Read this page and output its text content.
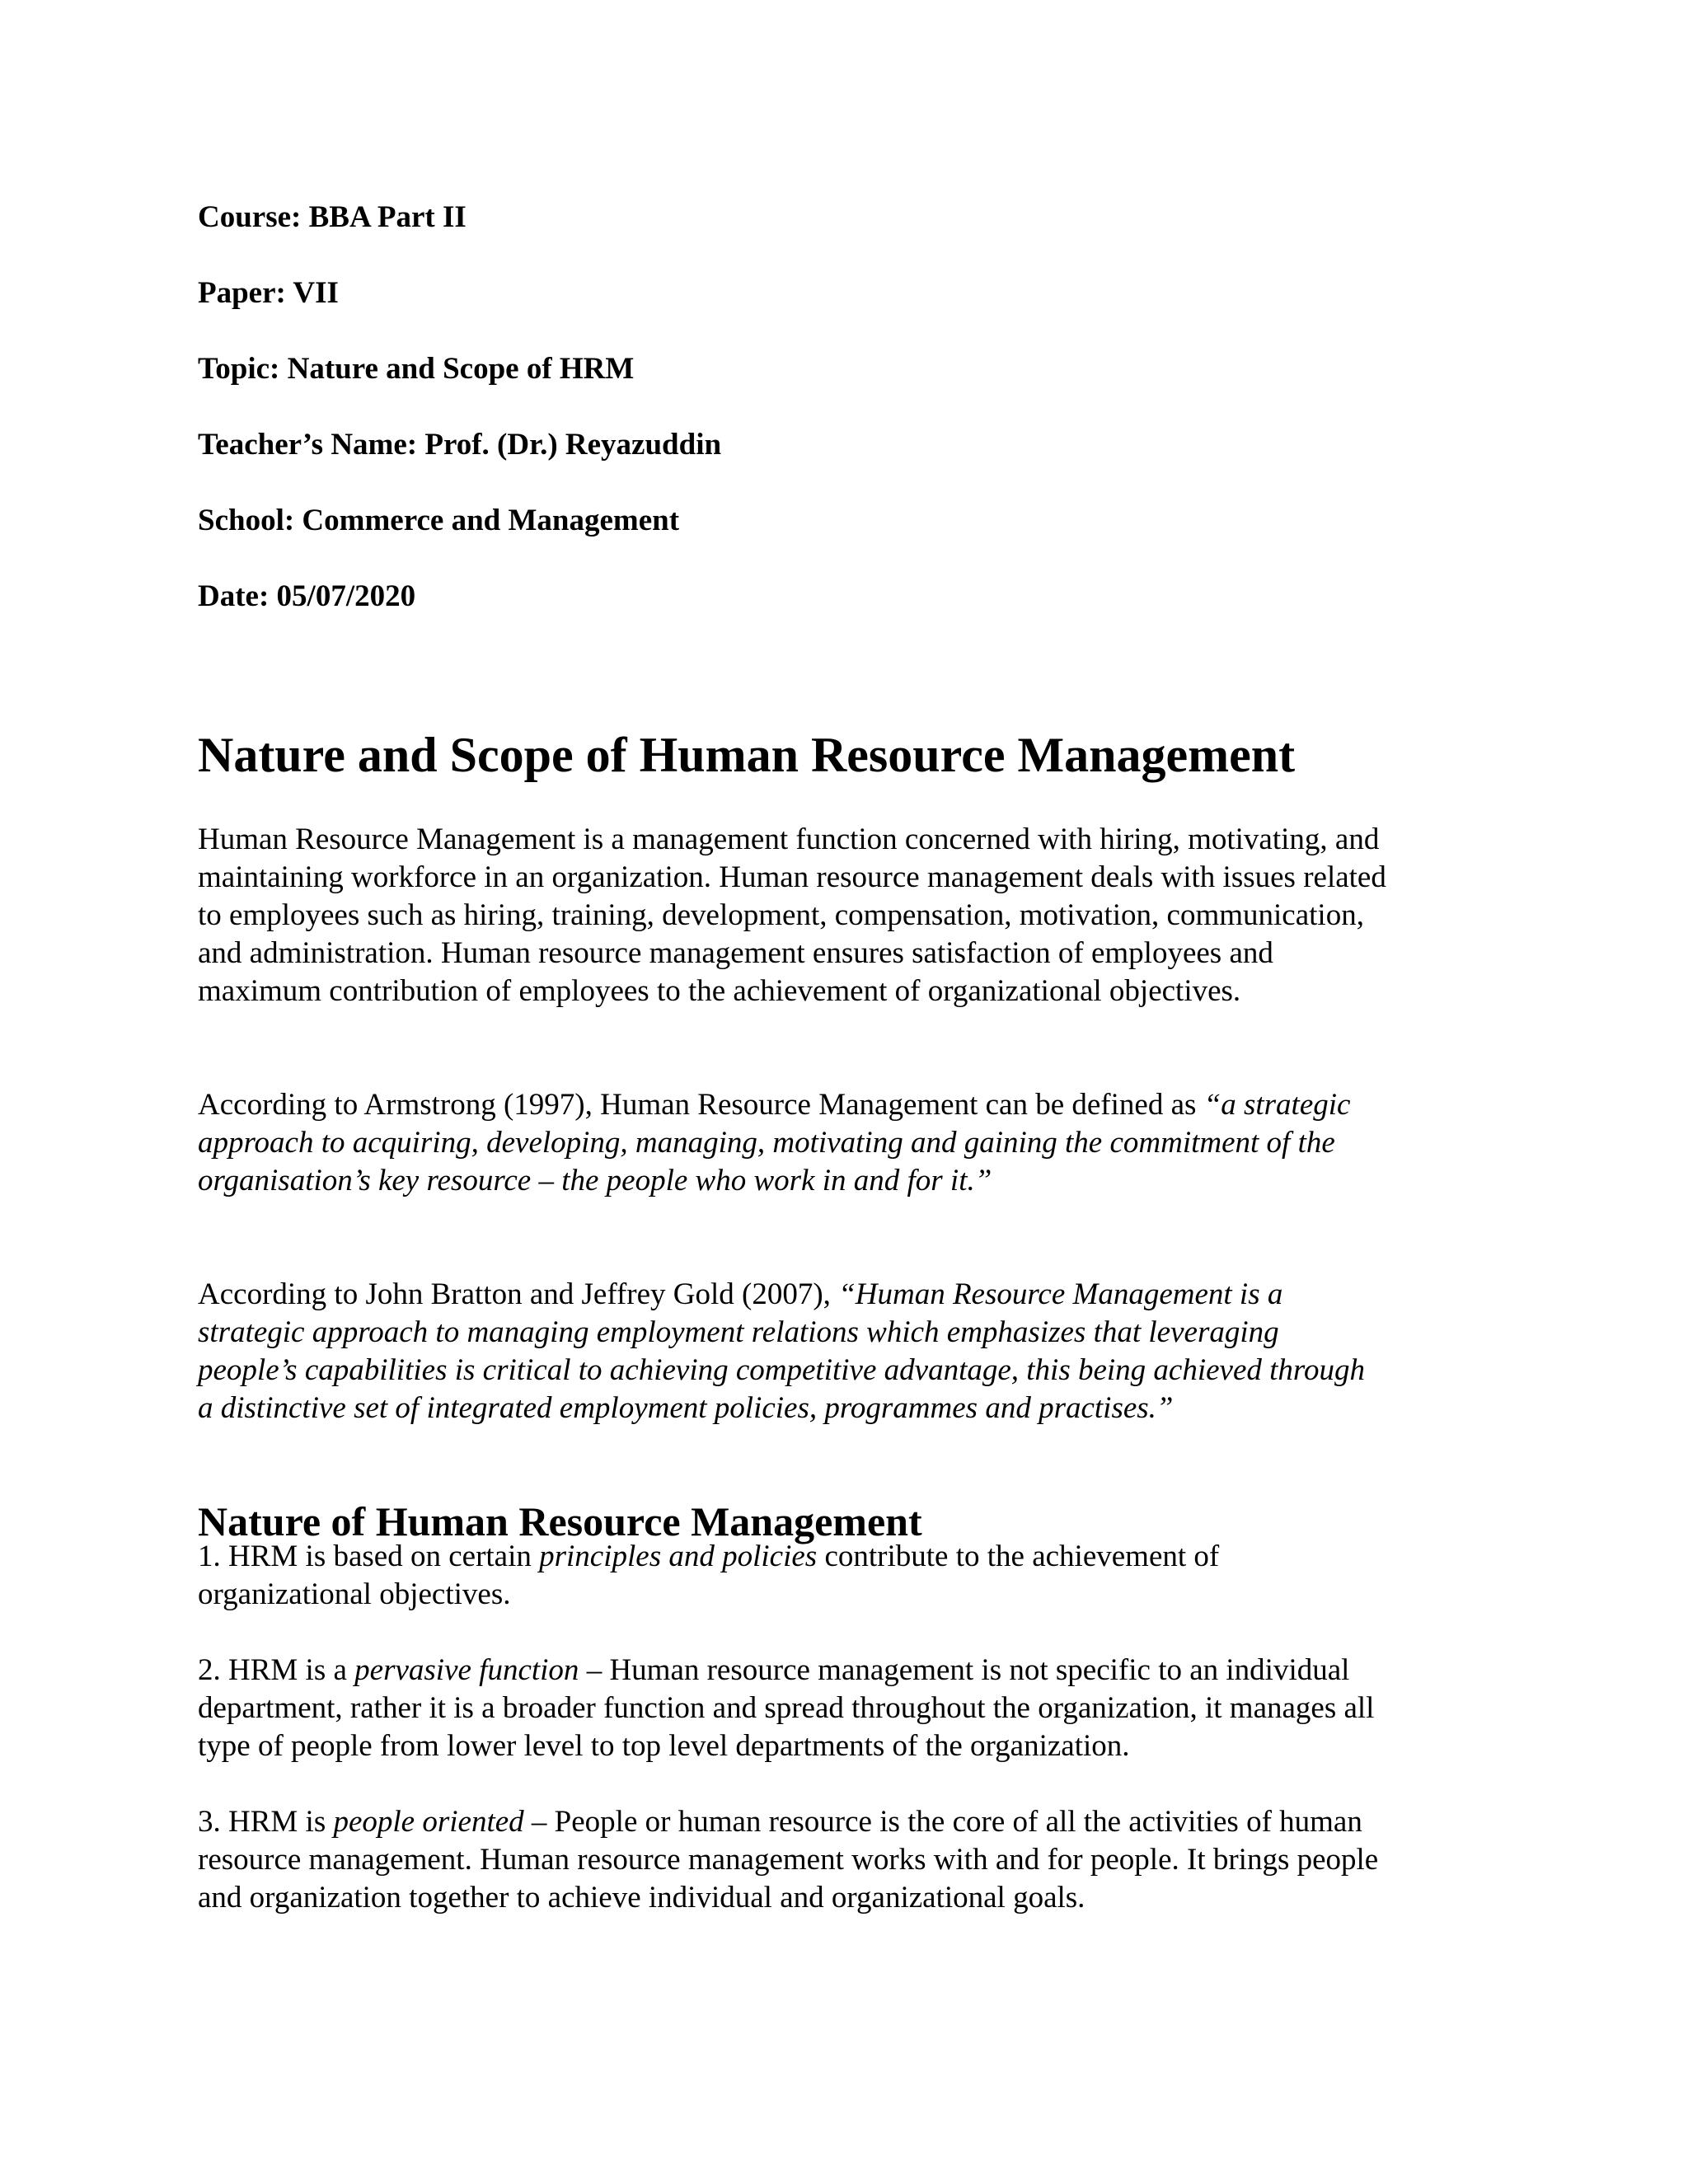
Course: BBA Part II
Paper: VII
Topic: Nature and Scope of HRM
Teacher’s Name: Prof. (Dr.) Reyazuddin
School: Commerce and Management
Date: 05/07/2020
Nature and Scope of Human Resource Management
Human Resource Management is a management function concerned with hiring, motivating, and
maintaining workforce in an organization. Human resource management deals with issues related
to employees such as hiring, training, development, compensation, motivation, communication,
and administration. Human resource management ensures satisfaction of employees and
maximum contribution of employees to the achievement of organizational objectives.
According to Armstrong (1997), Human Resource Management can be defined as “a strategic
approach to acquiring, developing, managing, motivating and gaining the commitment of the
organisation’s key resource – the people who work in and for it.”
According to John Bratton and Jeffrey Gold (2007), “Human Resource Management is a
strategic approach to managing employment relations which emphasizes that leveraging
people’s capabilities is critical to achieving competitive advantage, this being achieved through
a distinctive set of integrated employment policies, programmes and practises.”
Nature of Human Resource Management
1. HRM is based on certain principles and policies contribute to the achievement of
organizational objectives.
2. HRM is a pervasive function – Human resource management is not specific to an individual
department, rather it is a broader function and spread throughout the organization, it manages all
type of people from lower level to top level departments of the organization.
3. HRM is people oriented – People or human resource is the core of all the activities of human
resource management. Human resource management works with and for people. It brings people
and organization together to achieve individual and organizational goals.
